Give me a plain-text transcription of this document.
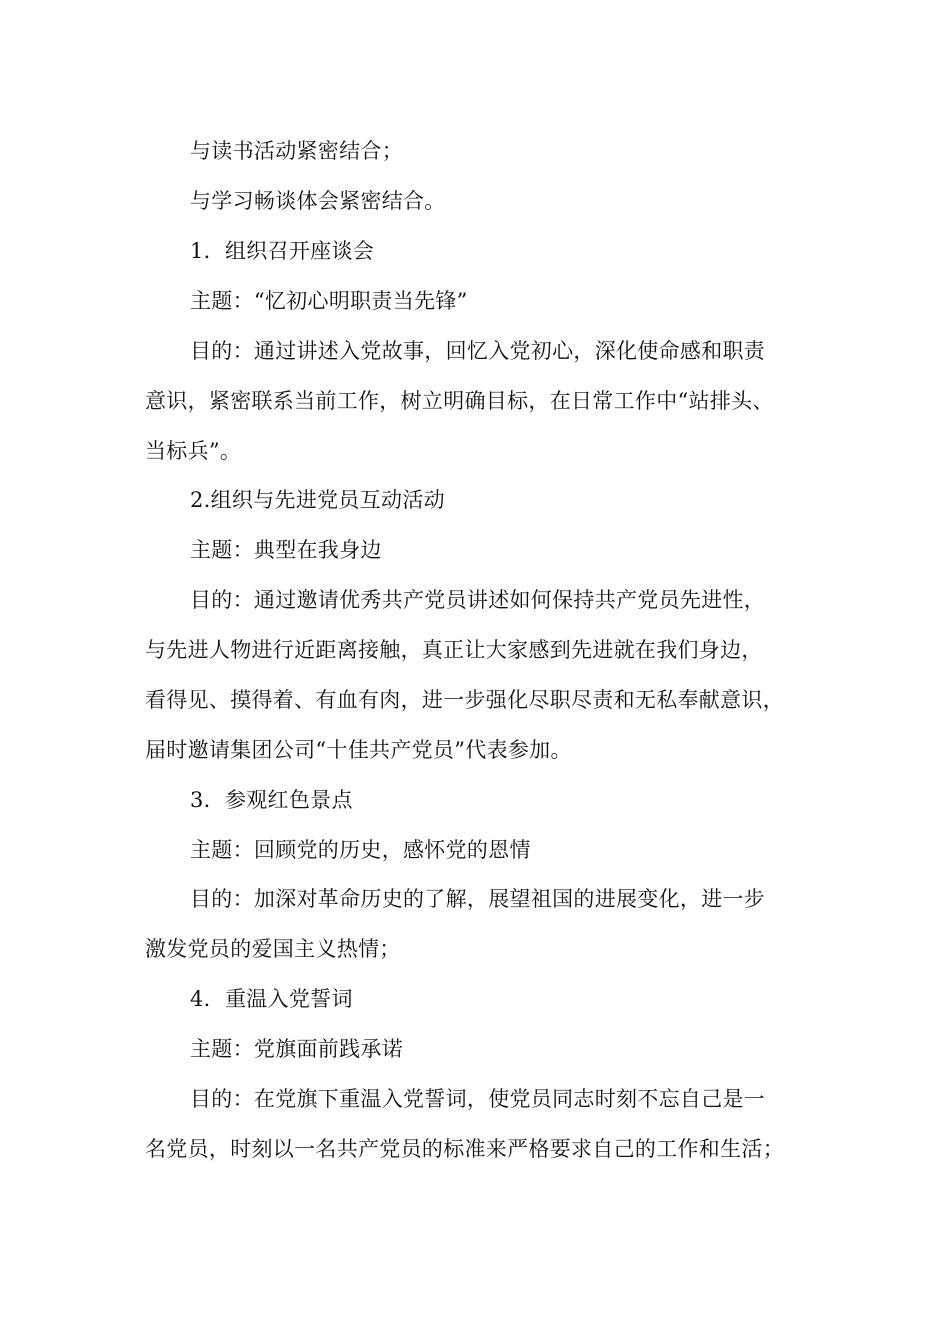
与读书活动紧密结合；
与学习畅谈体会紧密结合。
1．组织召开座谈会
主题：“忆初心明职责当先锋”
目的：通过讲述入党故事，回忆入党初心，深化使命感和职责
意识，紧密联系当前工作，树立明确目标，在日常工作中“站排头、
当标兵”。
2.组织与先进党员互动活动
主题：典型在我身边
目的：通过邀请优秀共产党员讲述如何保持共产党员先进性，
与先进人物进行近距离接触，真正让大家感到先进就在我们身边，
看得见、摸得着、有血有肉，进一步强化尽职尽责和无私奉献意识，
届时邀请集团公司“十佳共产党员”代表参加。
3．参观红色景点
主题：回顾党的历史，感怀党的恩情
目的：加深对革命历史的了解，展望祖国的进展变化，进一步
激发党员的爱国主义热情；
4．重温入党誓词
主题：党旗面前践承诺
目的：在党旗下重温入党誓词，使党员同志时刻不忘自己是一
名党员，时刻以一名共产党员的标准来严格要求自己的工作和生活；
